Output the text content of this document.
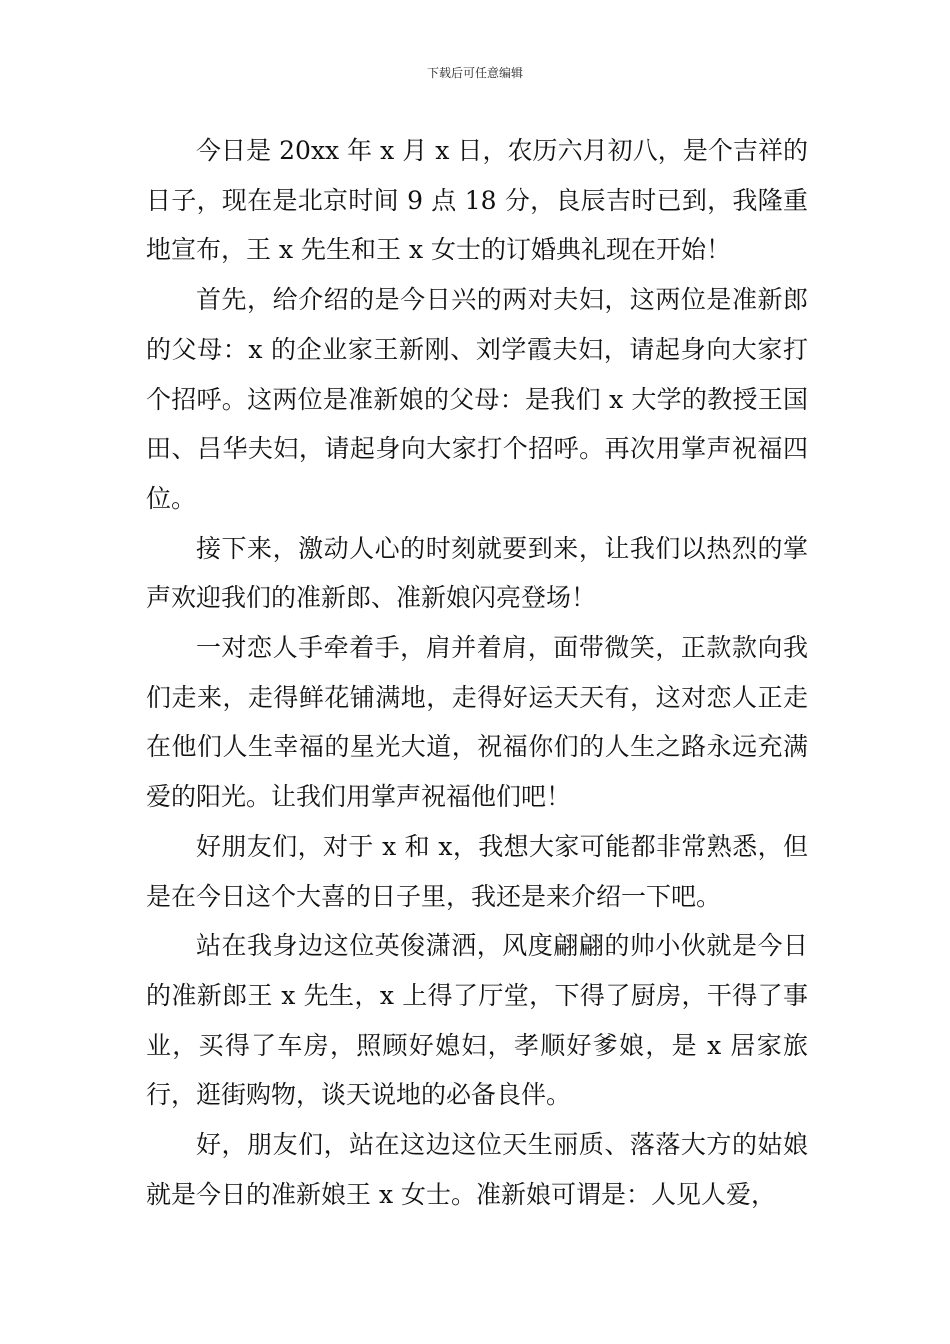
下载后可任意编辑

今日是 20xx 年 x 月 x 日，农历六月初八，是个吉祥的日子，现在是北京时间 9 点 18 分，良辰吉时已到，我隆重地宣布，王 x 先生和王 x 女士的订婚典礼现在开始！

首先，给介绍的是今日兴的两对夫妇，这两位是准新郎的父母：x 的企业家王新刚、刘学霞夫妇，请起身向大家打个招呼。这两位是准新娘的父母：是我们 x 大学的教授王国田、吕华夫妇，请起身向大家打个招呼。再次用掌声祝福四位。

接下来，激动人心的时刻就要到来，让我们以热烈的掌声欢迎我们的准新郎、准新娘闪亮登场！

一对恋人手牵着手，肩并着肩，面带微笑，正款款向我们走来，走得鲜花铺满地，走得好运天天有，这对恋人正走在他们人生幸福的星光大道，祝福你们的人生之路永远充满爱的阳光。让我们用掌声祝福他们吧！

好朋友们，对于 x 和 x，我想大家可能都非常熟悉，但是在今日这个大喜的日子里，我还是来介绍一下吧。

站在我身边这位英俊潇洒，风度翩翩的帅小伙就是今日的准新郎王 x 先生，x 上得了厅堂，下得了厨房，干得了事业，买得了车房，照顾好媳妇，孝顺好爹娘，是 x 居家旅行，逛街购物，谈天说地的必备良伴。

好，朋友们，站在这边这位天生丽质、落落大方的姑娘就是今日的准新娘王 x 女士。准新娘可谓是：人见人爱，
